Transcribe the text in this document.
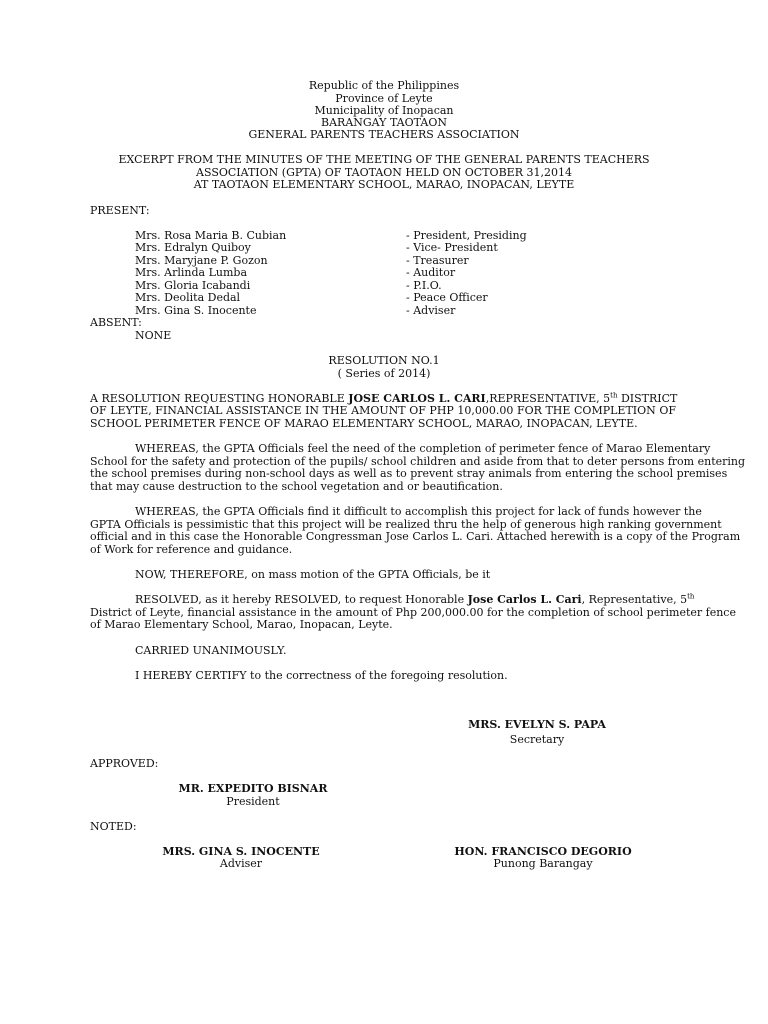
Republic of the Philippines
Province of Leyte
Municipality of Inopacan
BARANGAY TAOTAON
GENERAL PARENTS TEACHERS ASSOCIATION
EXCERPT FROM THE MINUTES OF THE MEETING OF THE GENERAL PARENTS TEACHERS
ASSOCIATION (GPTA) OF TAOTAON HELD ON OCTOBER 31,2014
AT TAOTAON ELEMENTARY SCHOOL, MARAO, INOPACAN, LEYTE
PRESENT:
Mrs. Rosa Maria B. Cubian	- President, Presiding
Mrs. Edralyn Quiboy	- Vice- President
Mrs. Maryjane P. Gozon	- Treasurer
Mrs. Arlinda Lumba	- Auditor
Mrs. Gloria Icabandi	- P.I.O.
Mrs. Deolita Dedal	- Peace Officer
Mrs. Gina S. Inocente	- Adviser
ABSENT:
NONE
RESOLUTION NO.1
( Series of 2014)
A RESOLUTION REQUESTING HONORABLE JOSE CARLOS L. CARI,REPRESENTATIVE, 5th DISTRICT
OF LEYTE, FINANCIAL ASSISTANCE IN THE AMOUNT OF PHP 10,000.00 FOR THE COMPLETION OF
SCHOOL PERIMETER FENCE OF MARAO ELEMENTARY SCHOOL, MARAO, INOPACAN, LEYTE.
WHEREAS, the GPTA Officials feel the need of the completion of perimeter fence of Marao Elementary
School for the safety and protection of the pupils/ school children and aside from that to deter persons from entering
the school premises during non-school days as well as to prevent stray animals from entering the school premises
that may cause destruction to the school vegetation and or beautification.
WHEREAS, the GPTA Officials find it difficult to accomplish this project for lack of funds however the
GPTA Officials is pessimistic that this project will be realized thru the help of generous high ranking government
official and in this case the Honorable Congressman Jose Carlos L. Cari. Attached herewith is a copy of the Program
of Work for reference and guidance.
NOW, THEREFORE, on mass motion of the GPTA Officials, be it
RESOLVED, as it hereby RESOLVED, to request Honorable Jose Carlos L. Cari, Representative, 5th
District of Leyte, financial assistance in the amount of Php 200,000.00 for the completion of school perimeter fence
of Marao Elementary School, Marao, Inopacan, Leyte.
CARRIED UNANIMOUSLY.
I HEREBY CERTIFY to the correctness of the foregoing resolution.
MRS. EVELYN S. PAPA
Secretary
APPROVED:
MR. EXPEDITO BISNAR
President
NOTED:
MRS. GINA S. INOCENTE
Adviser
HON. FRANCISCO DEGORIO
Punong Barangay
